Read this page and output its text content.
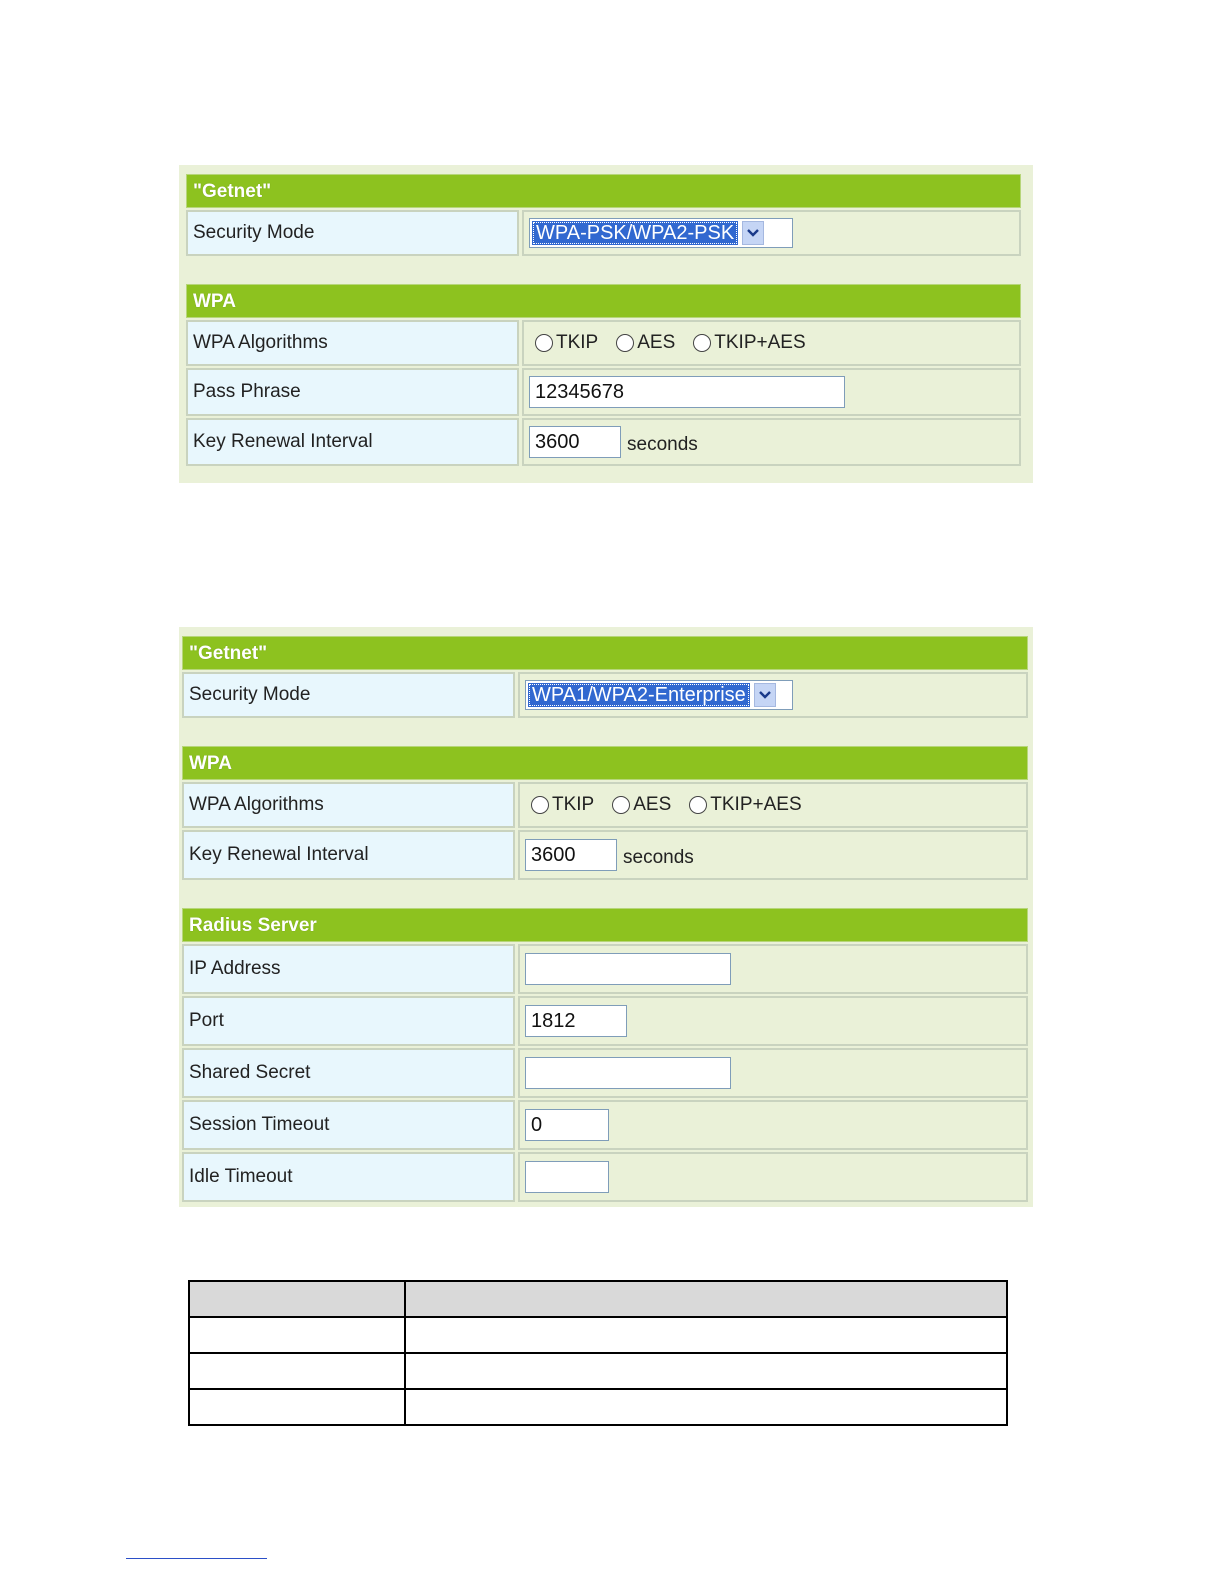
"Getnet"
Security Mode	WPA-PSK/WPA2-PSK
WPA
WPA Algorithms	TKIP AES TKIP+AES
Pass Phrase	12345678
Key Renewal Interval	3600	seconds
"Getnet"
Security Mode	WPA1/WPA2-Enterprise
WPA
WPA Algorithms	TKIP AES TKIP+AES
Key Renewal Interval	3600	seconds
Radius Server
IP Address
Port	1812
Shared Secret
Session Timeout	0
Idle Timeout
